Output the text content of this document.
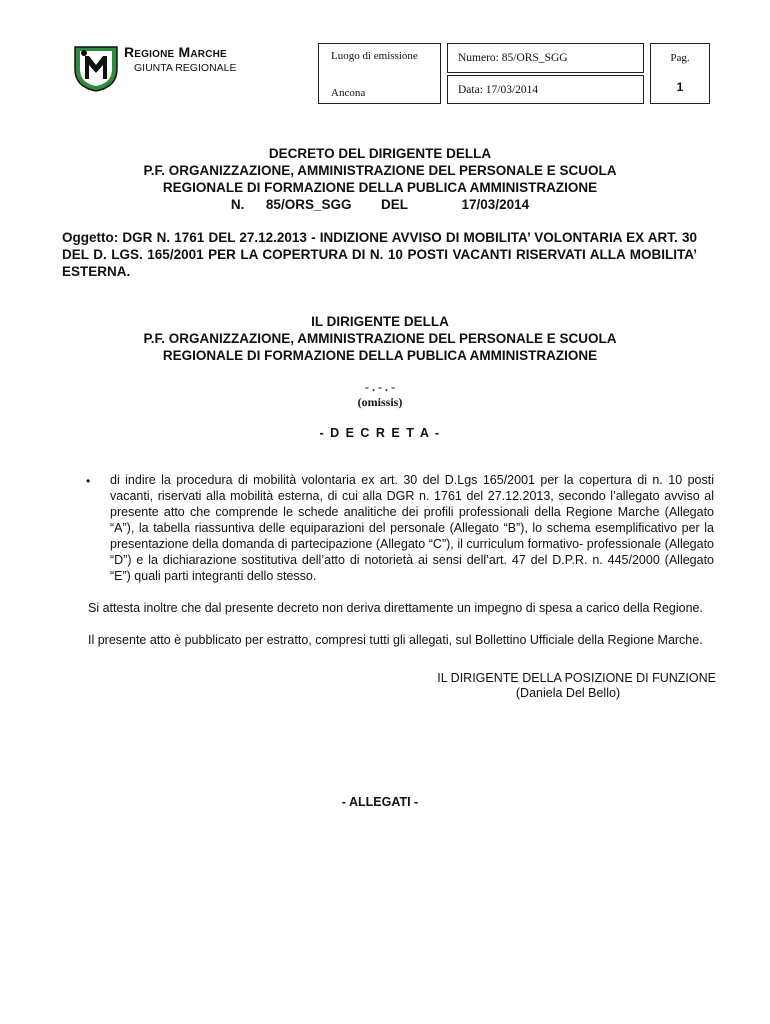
Regione Marche
GIUNTA REGIONALE
Luogo di emissione
Ancona
Numero: 85/ORS_SGG
Data: 17/03/2014
Pag.
1
DECRETO DEL DIRIGENTE DELLA
P.F. ORGANIZZAZIONE, AMMINISTRAZIONE DEL PERSONALE E SCUOLA
REGIONALE DI FORMAZIONE DELLA PUBLICA AMMINISTRAZIONE
N. 85/ORS_SGG DEL	17/03/2014
Oggetto: DGR N. 1761 DEL 27.12.2013 - INDIZIONE AVVISO DI MOBILITA’ VOLONTARIA EX ART. 30 DEL D. LGS. 165/2001 PER LA COPERTURA DI N. 10 POSTI VACANTI RISERVATI ALLA MOBILITA’ ESTERNA.
IL DIRIGENTE DELLA
P.F. ORGANIZZAZIONE, AMMINISTRAZIONE DEL PERSONALE E SCUOLA
REGIONALE DI FORMAZIONE DELLA PUBLICA AMMINISTRAZIONE
- . - . -
(omissis)
- D E C R E T A -
• di indire la procedura di mobilità volontaria ex art. 30 del D.Lgs 165/2001 per la copertura di n. 10 posti vacanti, riservati alla mobilità esterna, di cui alla DGR n. 1761 del 27.12.2013, secondo l’allegato avviso al presente atto che comprende le schede analitiche dei profili professionali della Regione Marche (Allegato “A”), la tabella riassuntiva delle equiparazioni del personale (Allegato “B”), lo schema esemplificativo per la presentazione della domanda di partecipazione (Allegato “C”), il curriculum formativo- professionale (Allegato “D”) e la dichiarazione sostitutiva dell’atto di notorietà ai sensi dell’art. 47 del D.P.R. n. 445/2000 (Allegato “E”) quali parti integranti dello stesso.
Si attesta inoltre che dal presente decreto non deriva direttamente un impegno di spesa a carico della Regione.
Il presente atto è pubblicato per estratto, compresi tutti gli allegati, sul Bollettino Ufficiale della Regione Marche.
IL DIRIGENTE DELLA POSIZIONE DI FUNZIONE
(Daniela Del Bello)
- ALLEGATI -
